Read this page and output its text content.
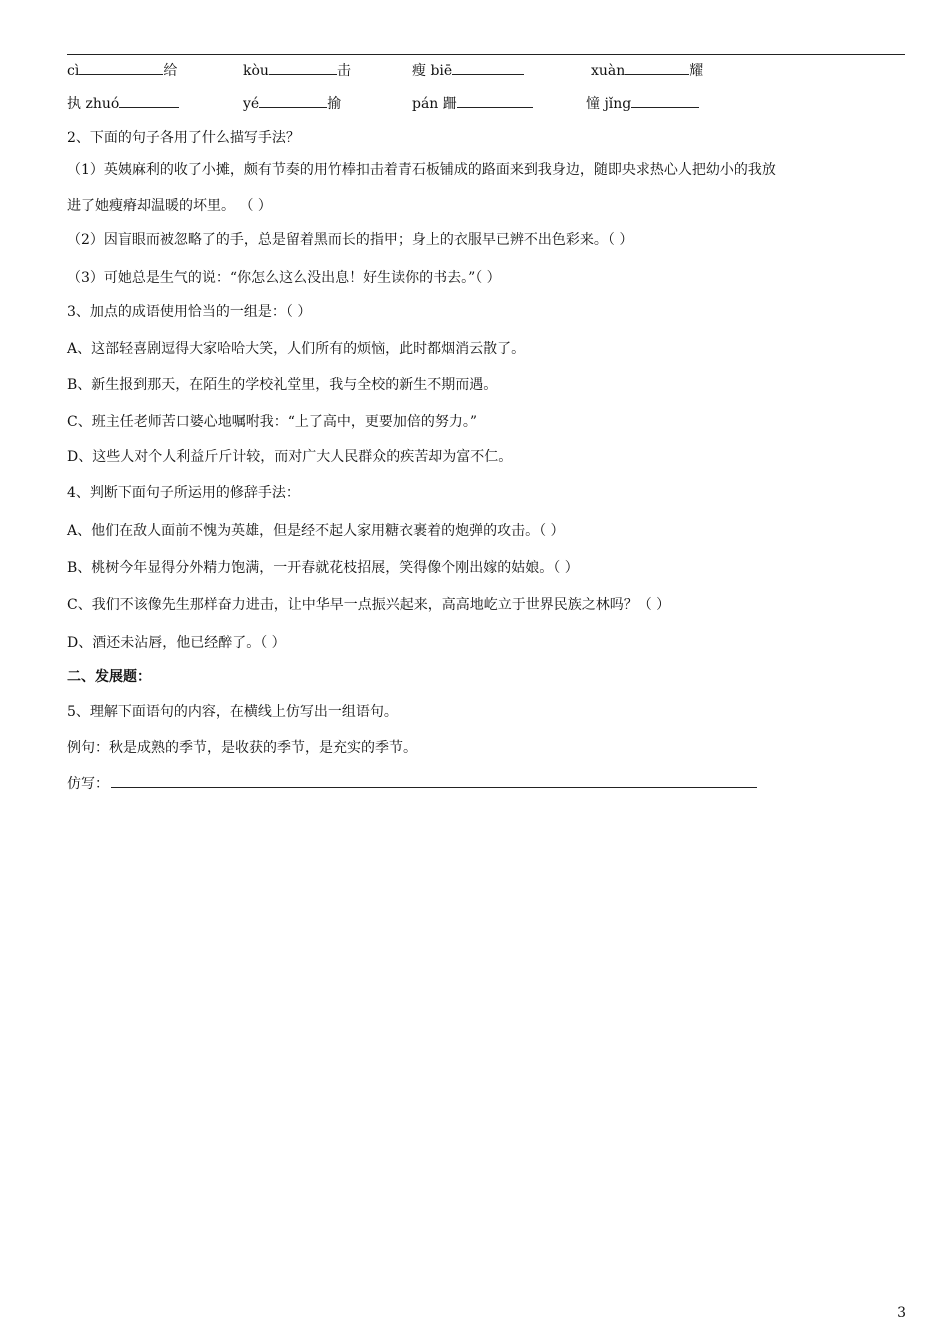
cì	给	kòu	击	瘦 biē	xuàn	耀
执 zhuó	yé	揄	pán 跚	憧 jǐng
2、下面的句子各用了什么描写手法？
（1）英姨麻利的收了小摊，颇有节奏的用竹棒扣击着青石板铺成的路面来到我身边，随即央求热心人把幼小的我放
进了她瘦瘠却温暖的坏里。 （ ）
（2）因盲眼而被忽略了的手，总是留着黑而长的指甲；身上的衣服早已辨不出色彩来。（ ）
（3）可她总是生气的说：“你怎么这么没出息！好生读你的书去。”（ ）
3、加点的成语使用恰当的一组是：（ ）
A、这部轻喜剧逗得大家哈哈大笑，人们所有的烦恼，此时都烟消云散了。
B、新生报到那天，在陌生的学校礼堂里，我与全校的新生不期而遇。
C、班主任老师苦口婆心地嘱咐我：“上了高中，更要加倍的努力。”
D、这些人对个人利益斤斤计较，而对广大人民群众的疾苦却为富不仁。
4、判断下面句子所运用的修辞手法：
A、他们在敌人面前不愧为英雄，但是经不起人家用糖衣裹着的炮弹的攻击。（ ）
B、桃树今年显得分外精力饱满，一开春就花枝招展，笑得像个刚出嫁的姑娘。（ ）
C、我们不该像先生那样奋力进击，让中华早一点振兴起来，高高地屹立于世界民族之林吗？（ ）
D、酒还未沾唇，他已经醉了。（ ）
二、发展题：
5、理解下面语句的内容，在横线上仿写出一组语句。
例句：秋是成熟的季节，是收获的季节，是充实的季节。
仿写：
3
